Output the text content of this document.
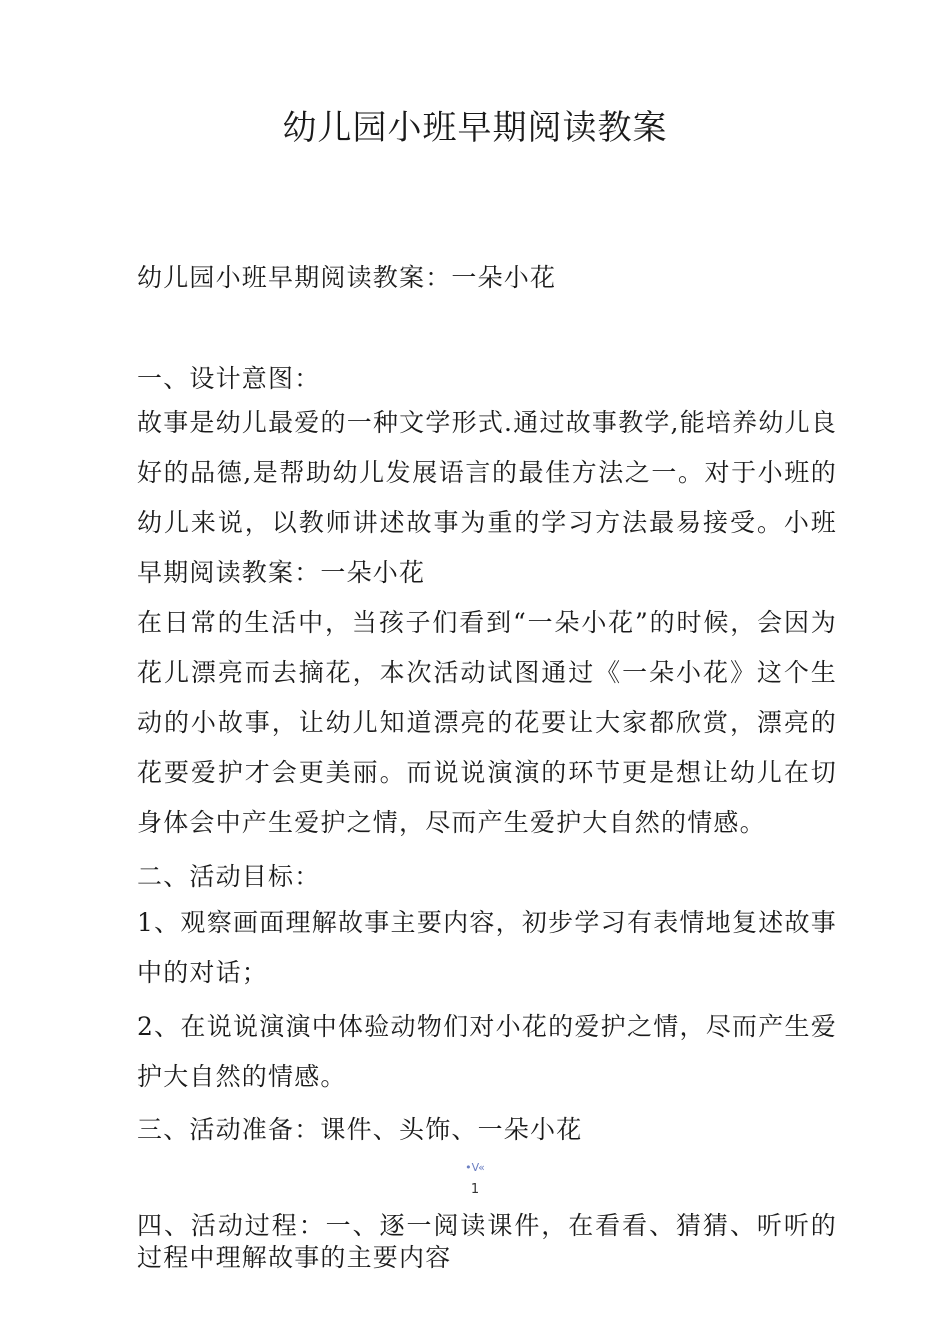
幼儿园小班早期阅读教案

幼儿园小班早期阅读教案：一朵小花

一、设计意图：

故事是幼儿最爱的一种文学形式.通过故事教学,能培养幼儿良好的品德,是帮助幼儿发展语言的最佳方法之一。对于小班的幼儿来说，以教师讲述故事为重的学习方法最易接受。小班早期阅读教案：一朵小花

在日常的生活中，当孩子们看到“一朵小花”的时候，会因为花儿漂亮而去摘花，本次活动试图通过《一朵小花》这个生动的小故事，让幼儿知道漂亮的花要让大家都欣赏，漂亮的花要爱护才会更美丽。而说说演演的环节更是想让幼儿在切身体会中产生爱护之情，尽而产生爱护大自然的情感。

二、活动目标：

1、观察画面理解故事主要内容，初步学习有表情地复述故事中的对话；

2、在说说演演中体验动物们对小花的爱护之情，尽而产生爱护大自然的情感。

三、活动准备：课件、头饰、一朵小花

四、活动过程：一、逐一阅读课件，在看看、猜猜、听听的过程中理解故事的主要内容

•V«
1
